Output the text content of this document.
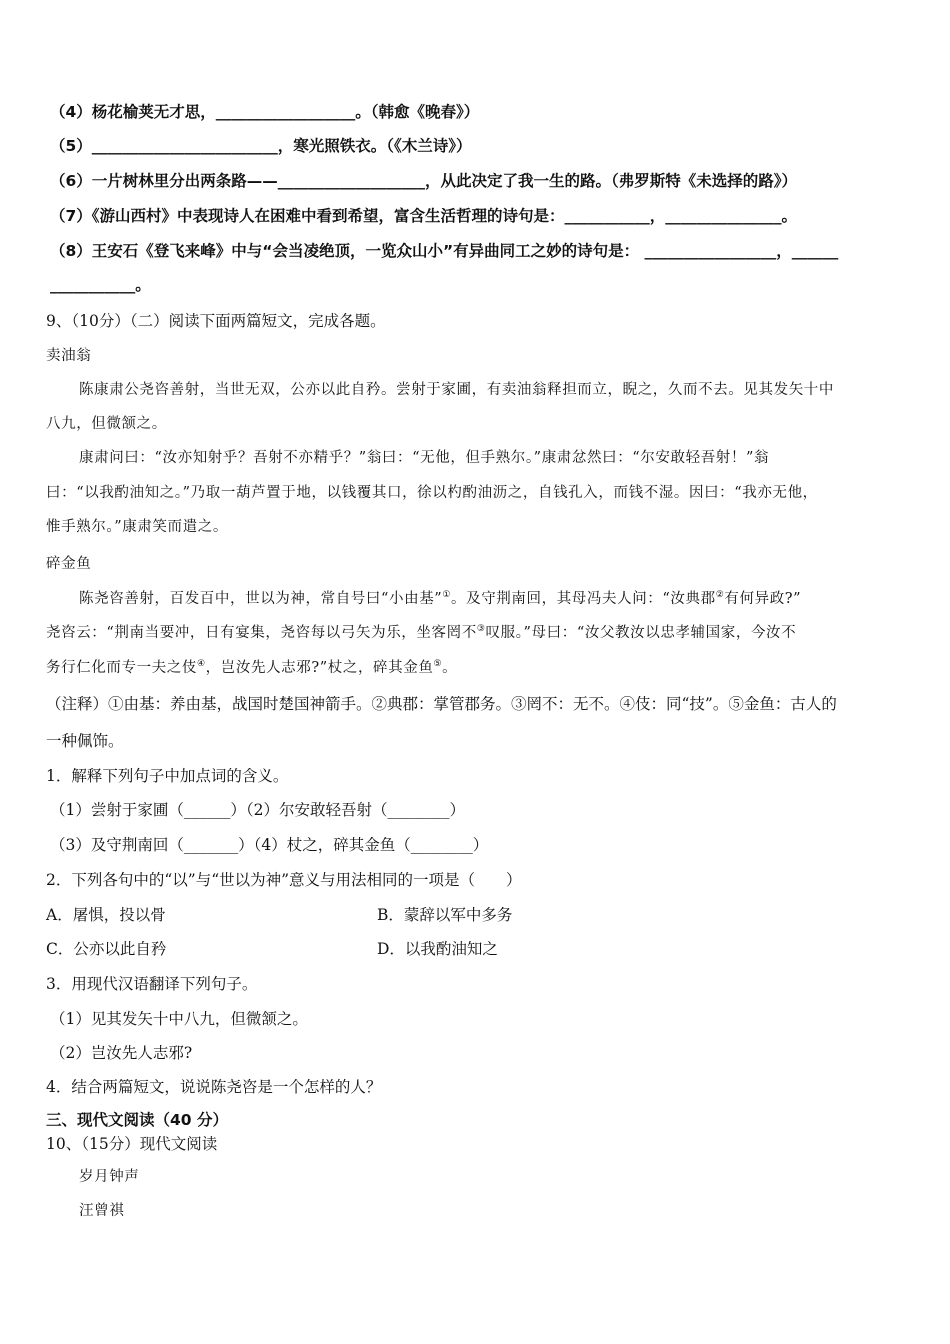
（4）杨花榆荚无才思，__________________。（韩愈《晚春》）
（5）________________________，寒光照铁衣。（《木兰诗》）
（6）一片树林里分出两条路——___________________，从此决定了我一生的路。（弗罗斯特《未选择的路》）
（7）《游山西村》中表现诗人在困难中看到希望，富含生活哲理的诗句是：___________，_______________。
（8）王安石《登飞来峰》中与“会当凌绝顶，一览众山小”有异曲同工之妙的诗句是： _________________，______
___________。
9、（10分）（二）阅读下面两篇短文，完成各题。
卖油翁
陈康肃公尧咨善射，当世无双，公亦以此自矜。尝射于家圃，有卖油翁释担而立，睨之，久而不去。见其发矢十中
八九，但微颔之。
康肃问曰：“汝亦知射乎？吾射不亦精乎？”翁曰：“无他，但手熟尔。”康肃忿然曰：“尔安敢轻吾射！”翁
曰：“以我酌油知之。”乃取一葫芦置于地，以钱覆其口，徐以杓酌油沥之，自钱孔入，而钱不湿。因曰：“我亦无他，
惟手熟尔。”康肃笑而遣之。
碎金鱼
陈尧咨善射，百发百中，世以为神，常自号曰“小由基”①。及守荆南回，其母冯夫人问：“汝典郡②有何异政?”
尧咨云：“荆南当要冲，日有宴集，尧咨每以弓矢为乐，坐客罔不③叹服。”母曰：“汝父教汝以忠孝辅国家，今汝不
务行仁化而专一夫之伎④，岂汝先人志邪?”杖之，碎其金鱼⑤。
（注释）①由基：养由基，战国时楚国神箭手。②典郡：掌管郡务。③罔不：无不。④伎：同“技”。⑤金鱼：古人的
一种佩饰。
1．解释下列句子中加点词的含义。
（1）尝射于家圃（______）（2）尔安敢轻吾射（________）
（3）及守荆南回（_______）（4）杖之，碎其金鱼（________）
2．下列各句中的“以”与“世以为神”意义与用法相同的一项是（　　）
A．屠惧，投以骨	B．蒙辞以军中多务
C．公亦以此自矜	D．以我酌油知之
3．用现代汉语翻译下列句子。
（1）见其发矢十中八九，但微颔之。
（2）岂汝先人志邪?
4．结合两篇短文，说说陈尧咨是一个怎样的人？
三、现代文阅读（40 分）
10、（15分）现代文阅读
岁月钟声
汪曾祺
